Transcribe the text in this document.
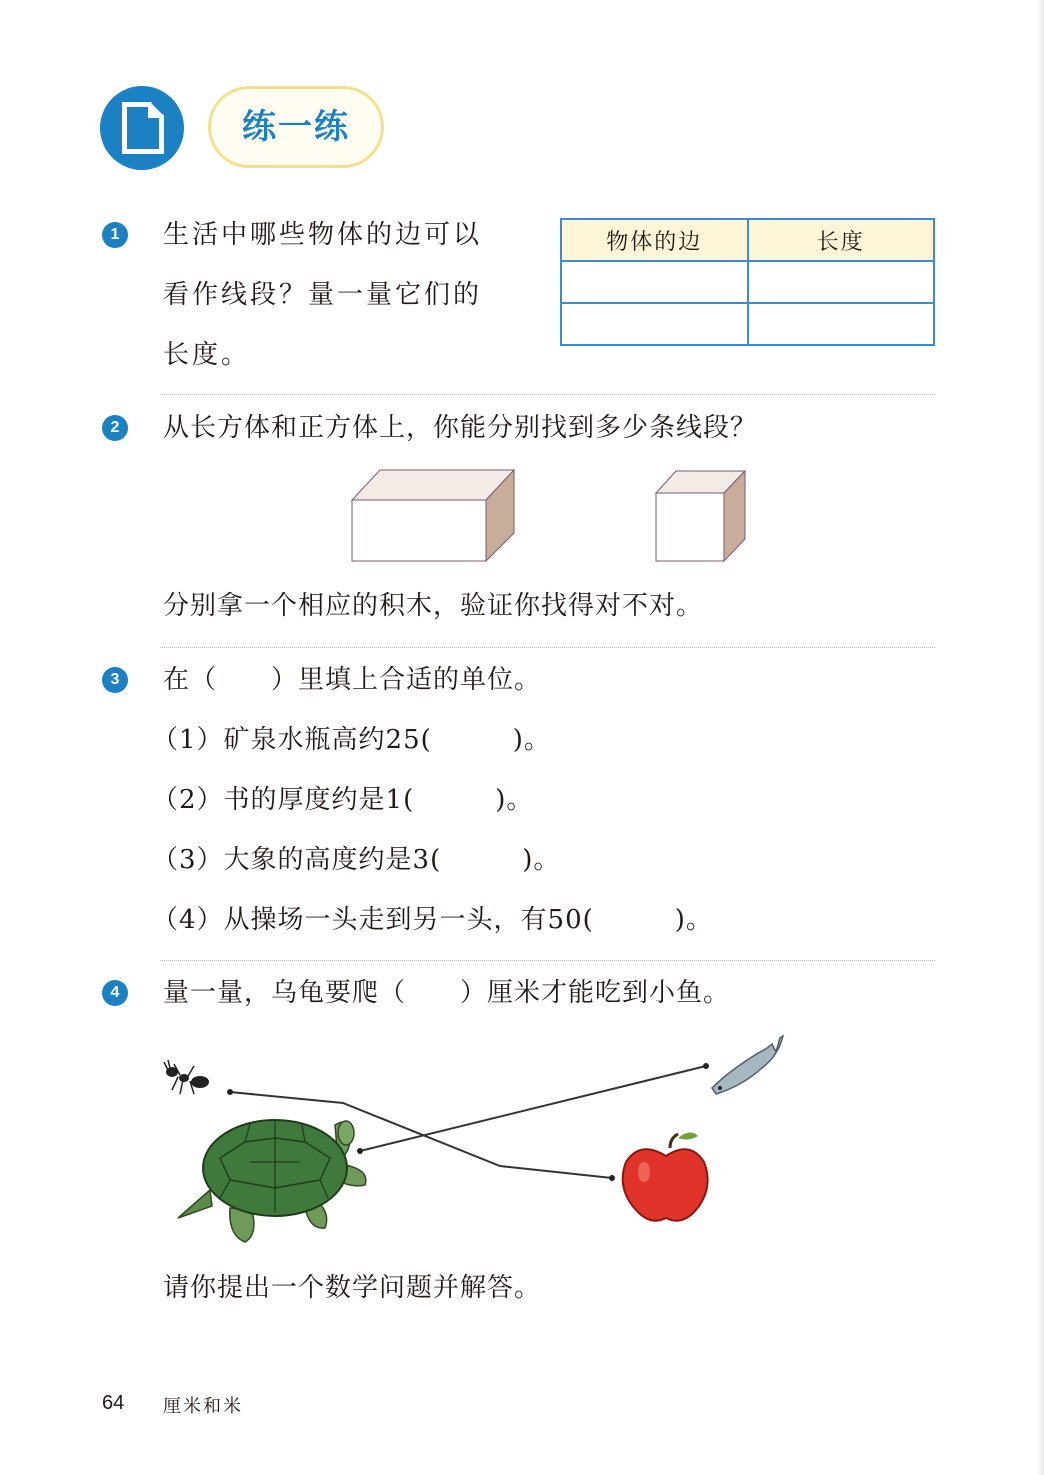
练一练
1	生活中哪些物体的边可以
看作线段？量一量它们的
长度。
物体的边	长度

2	从长方体和正方体上，你能分别找到多少条线段？
分别拿一个相应的积木，验证你找得对不对。
3	在（　　）里填上合适的单位。
（1）矿泉水瓶高约25(　　　)。
（2）书的厚度约是1(　　　)。
（3）大象的高度约是3(　　　)。
（4）从操场一头走到另一头，有50(　　　)。
4	量一量，乌龟要爬（　　）厘米才能吃到小鱼。
请你提出一个数学问题并解答。
64 厘米和米
